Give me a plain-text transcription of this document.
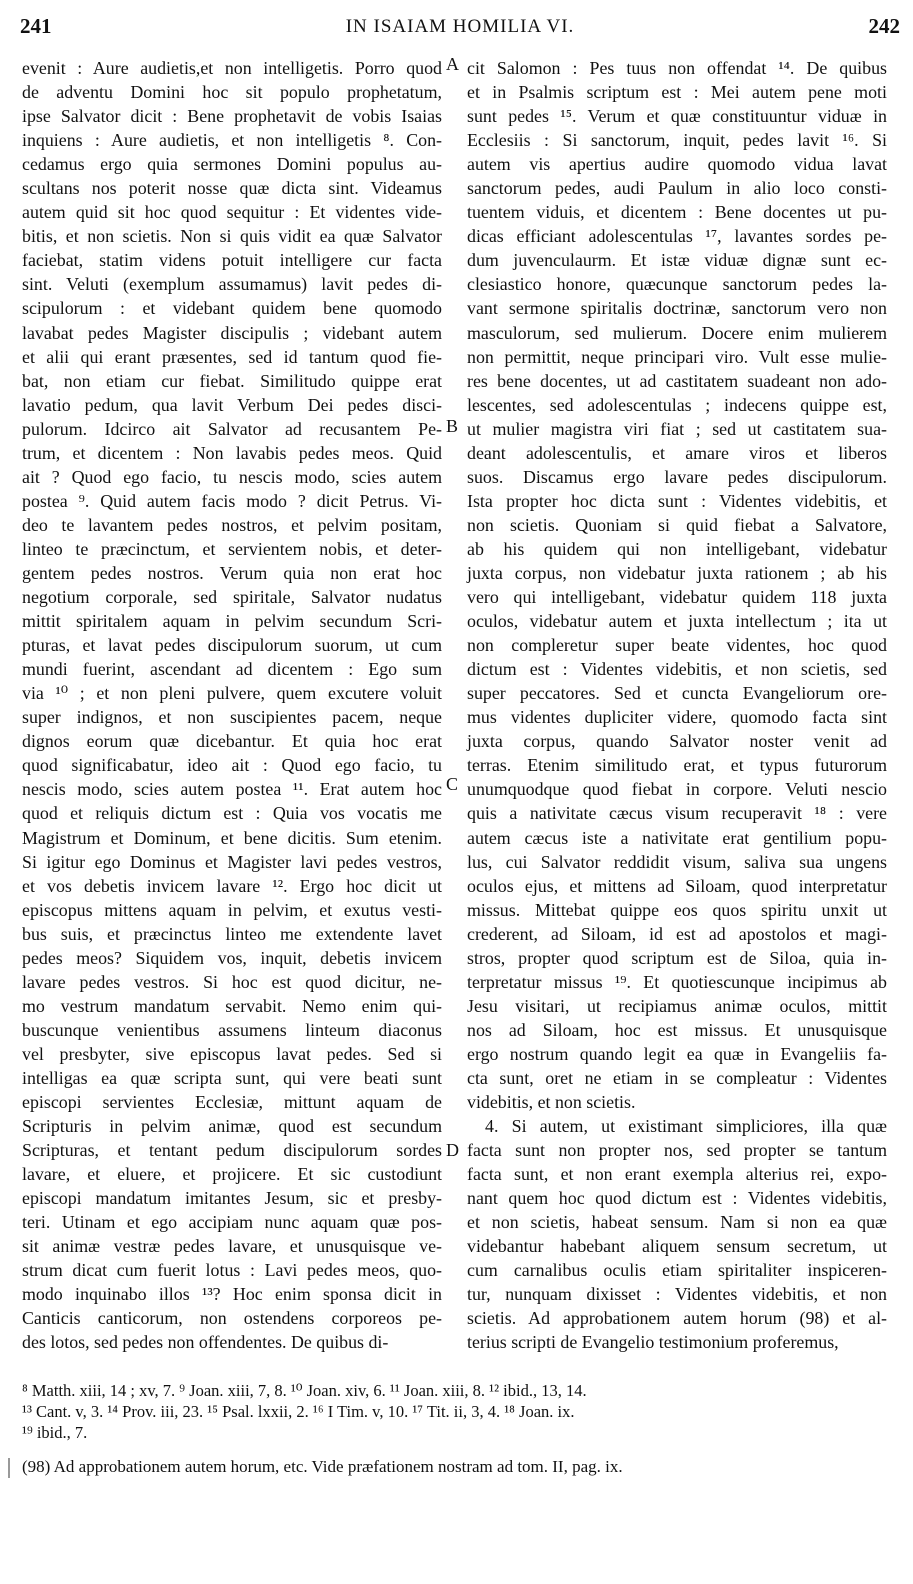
241	IN ISAIAM HOMILIA VI.	242
evenit : Aure audietis,et non intelligetis. Porro quod
de adventu Domini hoc sit populo prophetatum,
ipse Salvator dicit : Bene prophetavit de vobis Isaias
inquiens : Aure audietis, et non intelligetis ⁸. Con-
cedamus ergo quia sermones Domini populus au-
scultans nos poterit nosse quæ dicta sint. Videamus
autem quid sit hoc quod sequitur : Et videntes vide-
bitis, et non scietis. Non si quis vidit ea quæ Salvator
faciebat, statim videns potuit intelligere cur facta
sint. Veluti (exemplum assumamus) lavit pedes di-
scipulorum : et videbant quidem bene quomodo
lavabat pedes Magister discipulis ; videbant autem
et alii qui erant præsentes, sed id tantum quod fie-
bat, non etiam cur fiebat. Similitudo quippe erat
lavatio pedum, qua lavit Verbum Dei pedes disci-
pulorum. Idcirco ait Salvator ad recusantem Pe-
trum, et dicentem : Non lavabis pedes meos. Quid
ait ? Quod ego facio, tu nescis modo, scies autem
postea ⁹. Quid autem facis modo ? dicit Petrus. Vi-
deo te lavantem pedes nostros, et pelvim positam,
linteo te præcinctum, et servientem nobis, et deter-
gentem pedes nostros. Verum quia non erat hoc
negotium corporale, sed spiritale, Salvator nudatus
mittit spiritalem aquam in pelvim secundum Scri-
pturas, et lavat pedes discipulorum suorum, ut cum
mundi fuerint, ascendant ad dicentem : Ego sum
via ¹⁰ ; et non pleni pulvere, quem excutere voluit
super indignos, et non suscipientes pacem, neque
dignos eorum quæ dicebantur. Et quia hoc erat
quod significabatur, ideo ait : Quod ego facio, tu
nescis modo, scies autem postea ¹¹. Erat autem hoc
quod et reliquis dictum est : Quia vos vocatis me
Magistrum et Dominum, et bene dicitis. Sum etenim.
Si igitur ego Dominus et Magister lavi pedes vestros,
et vos debetis invicem lavare ¹². Ergo hoc dicit ut
episcopus mittens aquam in pelvim, et exutus vesti-
bus suis, et præcinctus linteo me extendente lavet
pedes meos? Siquidem vos, inquit, debetis invicem
lavare pedes vestros. Si hoc est quod dicitur, ne-
mo vestrum mandatum servabit. Nemo enim qui-
buscunque venientibus assumens linteum diaconus
vel presbyter, sive episcopus lavat pedes. Sed si
intelligas ea quæ scripta sunt, qui vere beati sunt
episcopi servientes Ecclesiæ, mittunt aquam de
Scripturis in pelvim animæ, quod est secundum
Scripturas, et tentant pedum discipulorum sordes
lavare, et eluere, et projicere. Et sic custodiunt
episcopi mandatum imitantes Jesum, sic et presby-
teri. Utinam et ego accipiam nunc aquam quæ pos-
sit animæ vestræ pedes lavare, et unusquisque ve-
strum dicat cum fuerit lotus : Lavi pedes meos, quo-
modo inquinabo illos ¹³? Hoc enim sponsa dicit in
Canticis canticorum, non ostendens corporeos pe-
des lotos, sed pedes non offendentes. De quibus di-
cit Salomon : Pes tuus non offendat ¹⁴. De quibus
et in Psalmis scriptum est : Mei autem pene moti
sunt pedes ¹⁵. Verum et quæ constituuntur viduæ in
Ecclesiis : Si sanctorum, inquit, pedes lavit ¹⁶. Si
autem vis apertius audire quomodo vidua lavat
sanctorum pedes, audi Paulum in alio loco consti-
tuentem viduis, et dicentem : Bene docentes ut pu-
dicas efficiant adolescentulas ¹⁷, lavantes sordes pe-
dum juvenculaurm. Et istæ viduæ dignæ sunt ec-
clesiastico honore, quæcunque sanctorum pedes la-
vant sermone spiritalis doctrinæ, sanctorum vero non
masculorum, sed mulierum. Docere enim mulierem
non permittit, neque principari viro. Vult esse mulie-
res bene docentes, ut ad castitatem suadeant non ado-
lescentes, sed adolescentulas ; indecens quippe est,
ut mulier magistra viri fiat ; sed ut castitatem sua-
deant adolescentulis, et amare viros et liberos
suos. Discamus ergo lavare pedes discipulorum.
Ista propter hoc dicta sunt : Videntes videbitis, et
non scietis. Quoniam si quid fiebat a Salvatore,
ab his quidem qui non intelligebant, videbatur
juxta corpus, non videbatur juxta rationem ; ab his
vero qui intelligebant, videbatur quidem 118 juxta
oculos, videbatur autem et juxta intellectum ; ita ut
non compleretur super beate videntes, hoc quod
dictum est : Videntes videbitis, et non scietis, sed
super peccatores. Sed et cuncta Evangeliorum ore-
mus videntes dupliciter videre, quomodo facta sint
juxta corpus, quando Salvator noster venit ad
terras. Etenim similitudo erat, et typus futurorum
unumquodque quod fiebat in corpore. Veluti nescio
quis a nativitate cæcus visum recuperavit ¹⁸ : vere
autem cæcus iste a nativitate erat gentilium popu-
lus, cui Salvator reddidit visum, saliva sua ungens
oculos ejus, et mittens ad Siloam, quod interpretatur
missus. Mittebat quippe eos quos spiritu unxit ut
crederent, ad Siloam, id est ad apostolos et magi-
stros, propter quod scriptum est de Siloa, quia in-
terpretatur missus ¹⁹. Et quotiescunque incipimus ab
Jesu visitari, ut recipiamus animæ oculos, mittit
nos ad Siloam, hoc est missus. Et unusquisque
ergo nostrum quando legit ea quæ in Evangeliis fa-
cta sunt, oret ne etiam in se compleatur : Videntes
videbitis, et non scietis.
4. Si autem, ut existimant simpliciores, illa quæ
facta sunt non propter nos, sed propter se tantum
facta sunt, et non erant exempla alterius rei, expo-
nant quem hoc quod dictum est : Videntes videbitis,
et non scietis, habeat sensum. Nam si non ea quæ
videbantur habebant aliquem sensum secretum, ut
cum carnalibus oculis etiam spiritaliter inspiceren-
tur, nunquam dixisset : Videntes videbitis, et non
scietis. Ad approbationem autem horum (98) et al-
terius scripti de Evangelio testimonium proferemus,
A
B
C
D
⁸ Matth. xiii, 14 ; xv, 7. ⁹ Joan. xiii, 7, 8. ¹⁰ Joan. xiv, 6. ¹¹ Joan. xiii, 8. ¹² ibid., 13, 14.
¹³ Cant. v, 3. ¹⁴ Prov. iii, 23. ¹⁵ Psal. lxxii, 2. ¹⁶ I Tim. v, 10. ¹⁷ Tit. ii, 3, 4. ¹⁸ Joan. ix.
¹⁹ ibid., 7.
(98) Ad approbationem autem horum, etc. Vide præfationem nostram ad tom. II, pag. ix.
